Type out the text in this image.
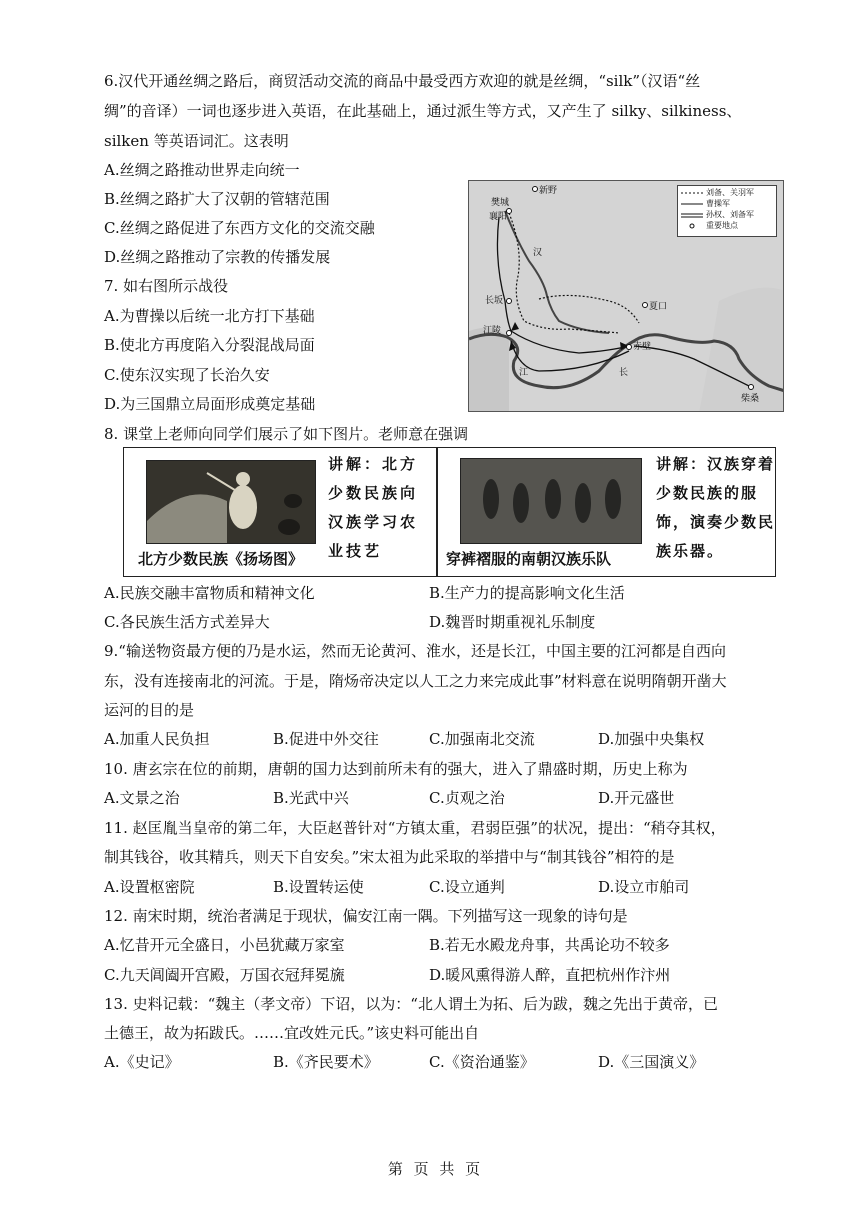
6.汉代开通丝绸之路后，商贸活动交流的商品中最受西方欢迎的就是丝绸，“silk”（汉语“丝
绸”的音译）一词也逐步进入英语，在此基础上，通过派生等方式，又产生了 silky、silkiness、
silken 等英语词汇。这表明
A.丝绸之路推动世界走向统一
B.丝绸之路扩大了汉朝的管辖范围
C.丝绸之路促进了东西方文化的交流交融
D.丝绸之路推动了宗教的传播发展
7. 如右图所示战役
A.为曹操以后统一北方打下基础
B.使北方再度陷入分裂混战局面
C.使东汉实现了长治久安
D.为三国鼎立局面形成奠定基础
刘备、关羽军
曹操军
孙权、刘备军
重要地点
樊城
新野
襄阳
长坂
江陵
赤壁
夏口
柴桑
汉
江	长
8. 课堂上老师向同学们展示了如下图片。老师意在强调
北方少数民族《扬场图》
讲解：北方
少数民族向
汉族学习农
业技艺	穿裤褶服的南朝汉族乐队
讲解：汉族穿着
少数民族的服
饰，演奏少数民
族乐器。
A.民族交融丰富物质和精神文化	B.生产力的提高影响文化生活
C.各民族生活方式差异大	D.魏晋时期重视礼乐制度
9.“输送物资最方便的乃是水运，然而无论黄河、淮水，还是长江，中国主要的江河都是自西向
东，没有连接南北的河流。于是，隋炀帝决定以人工之力来完成此事”材料意在说明隋朝开凿大
运河的目的是
A.加重人民负担	B.促进中外交往	C.加强南北交流	D.加强中央集权
10. 唐玄宗在位的前期，唐朝的国力达到前所未有的强大，进入了鼎盛时期，历史上称为
A.文景之治	B.光武中兴	C.贞观之治	D.开元盛世
11. 赵匡胤当皇帝的第二年，大臣赵普针对“方镇太重，君弱臣强”的状况，提出：“稍夺其权，
制其钱谷，收其精兵，则天下自安矣。”宋太祖为此采取的举措中与“制其钱谷”相符的是
A.设置枢密院	B.设置转运使	C.设立通判	D.设立市舶司
12. 南宋时期，统治者满足于现状，偏安江南一隅。下列描写这一现象的诗句是
A.忆昔开元全盛日，小邑犹藏万家室	B.若无水殿龙舟事，共禹论功不较多
C.九天阊阖开宫殿，万国衣冠拜冕旒	D.暖风熏得游人醉，直把杭州作汴州
13. 史料记载：“魏主（孝文帝）下诏，以为：“北人谓土为拓、后为跋，魏之先出于黄帝，已
土德王，故为拓跋氏。……宜改姓元氏。”该史料可能出自
A.《史记》	B.《齐民要术》	C.《资治通鉴》	D.《三国演义》
第 页 共 页
